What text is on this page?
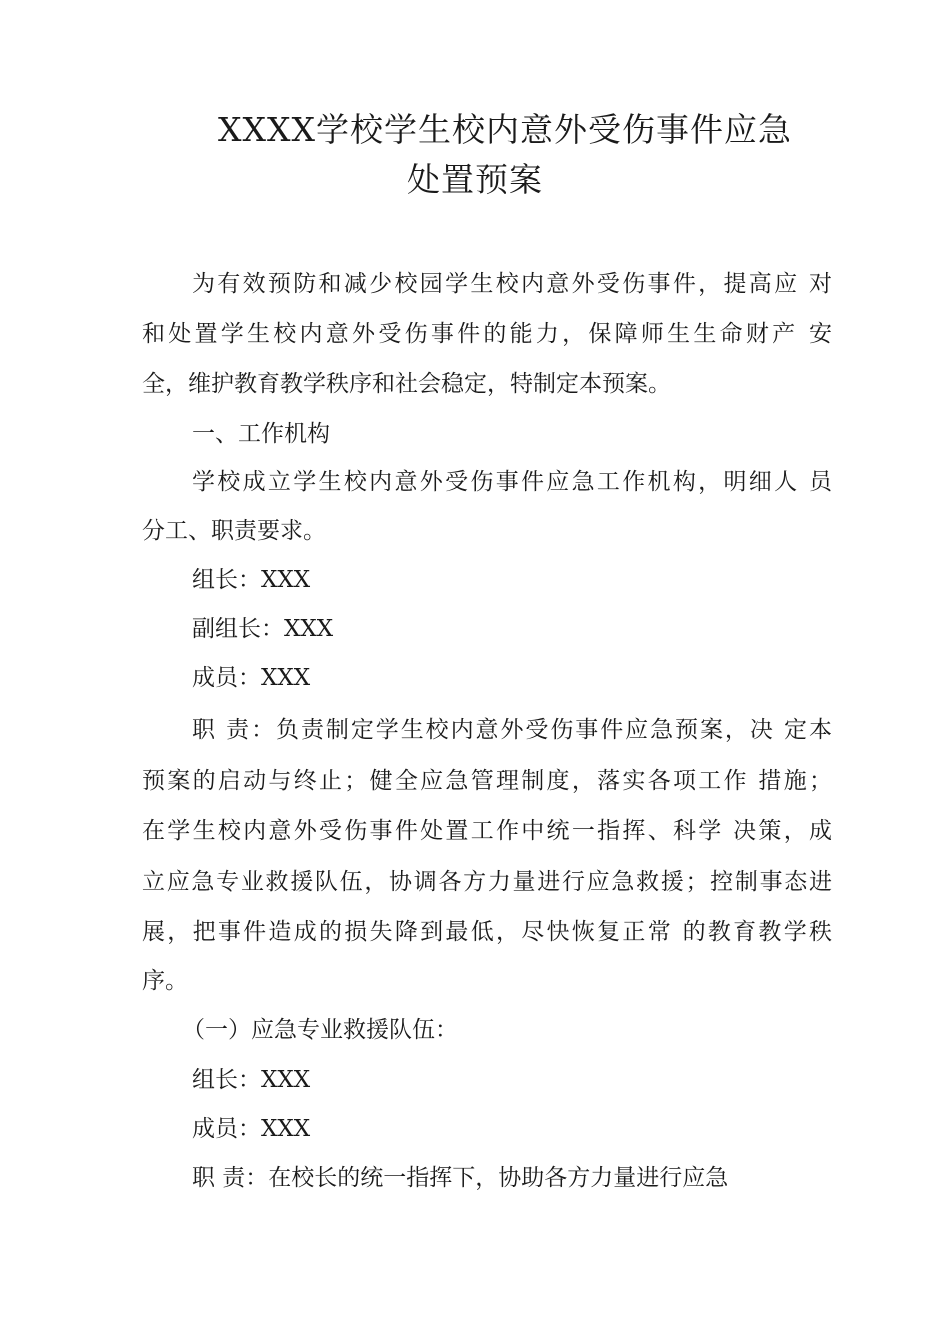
XXXX学校学生校内意外受伤事件应急
处置预案
为有效预防和减少校园学生校内意外受伤事件，提高应 对
和处置学生校内意外受伤事件的能力，保障师生生命财产 安
全，维护教育教学秩序和社会稳定，特制定本预案。
一、工作机构
学校成立学生校内意外受伤事件应急工作机构，明细人 员
分工、职责要求。
组长：XXX
副组长：XXX
成员：XXX
职 责：负责制定学生校内意外受伤事件应急预案，决 定本
预案的启动与终止；健全应急管理制度，落实各项工作 措施；
在学生校内意外受伤事件处置工作中统一指挥、科学 决策，成
立应急专业救援队伍，协调各方力量进行应急救援；控制事态进
展，把事件造成的损失降到最低，尽快恢复正常 的教育教学秩
序。
（一）应急专业救援队伍：
组长：XXX
成员：XXX
职 责：在校长的统一指挥下，协助各方力量进行应急
